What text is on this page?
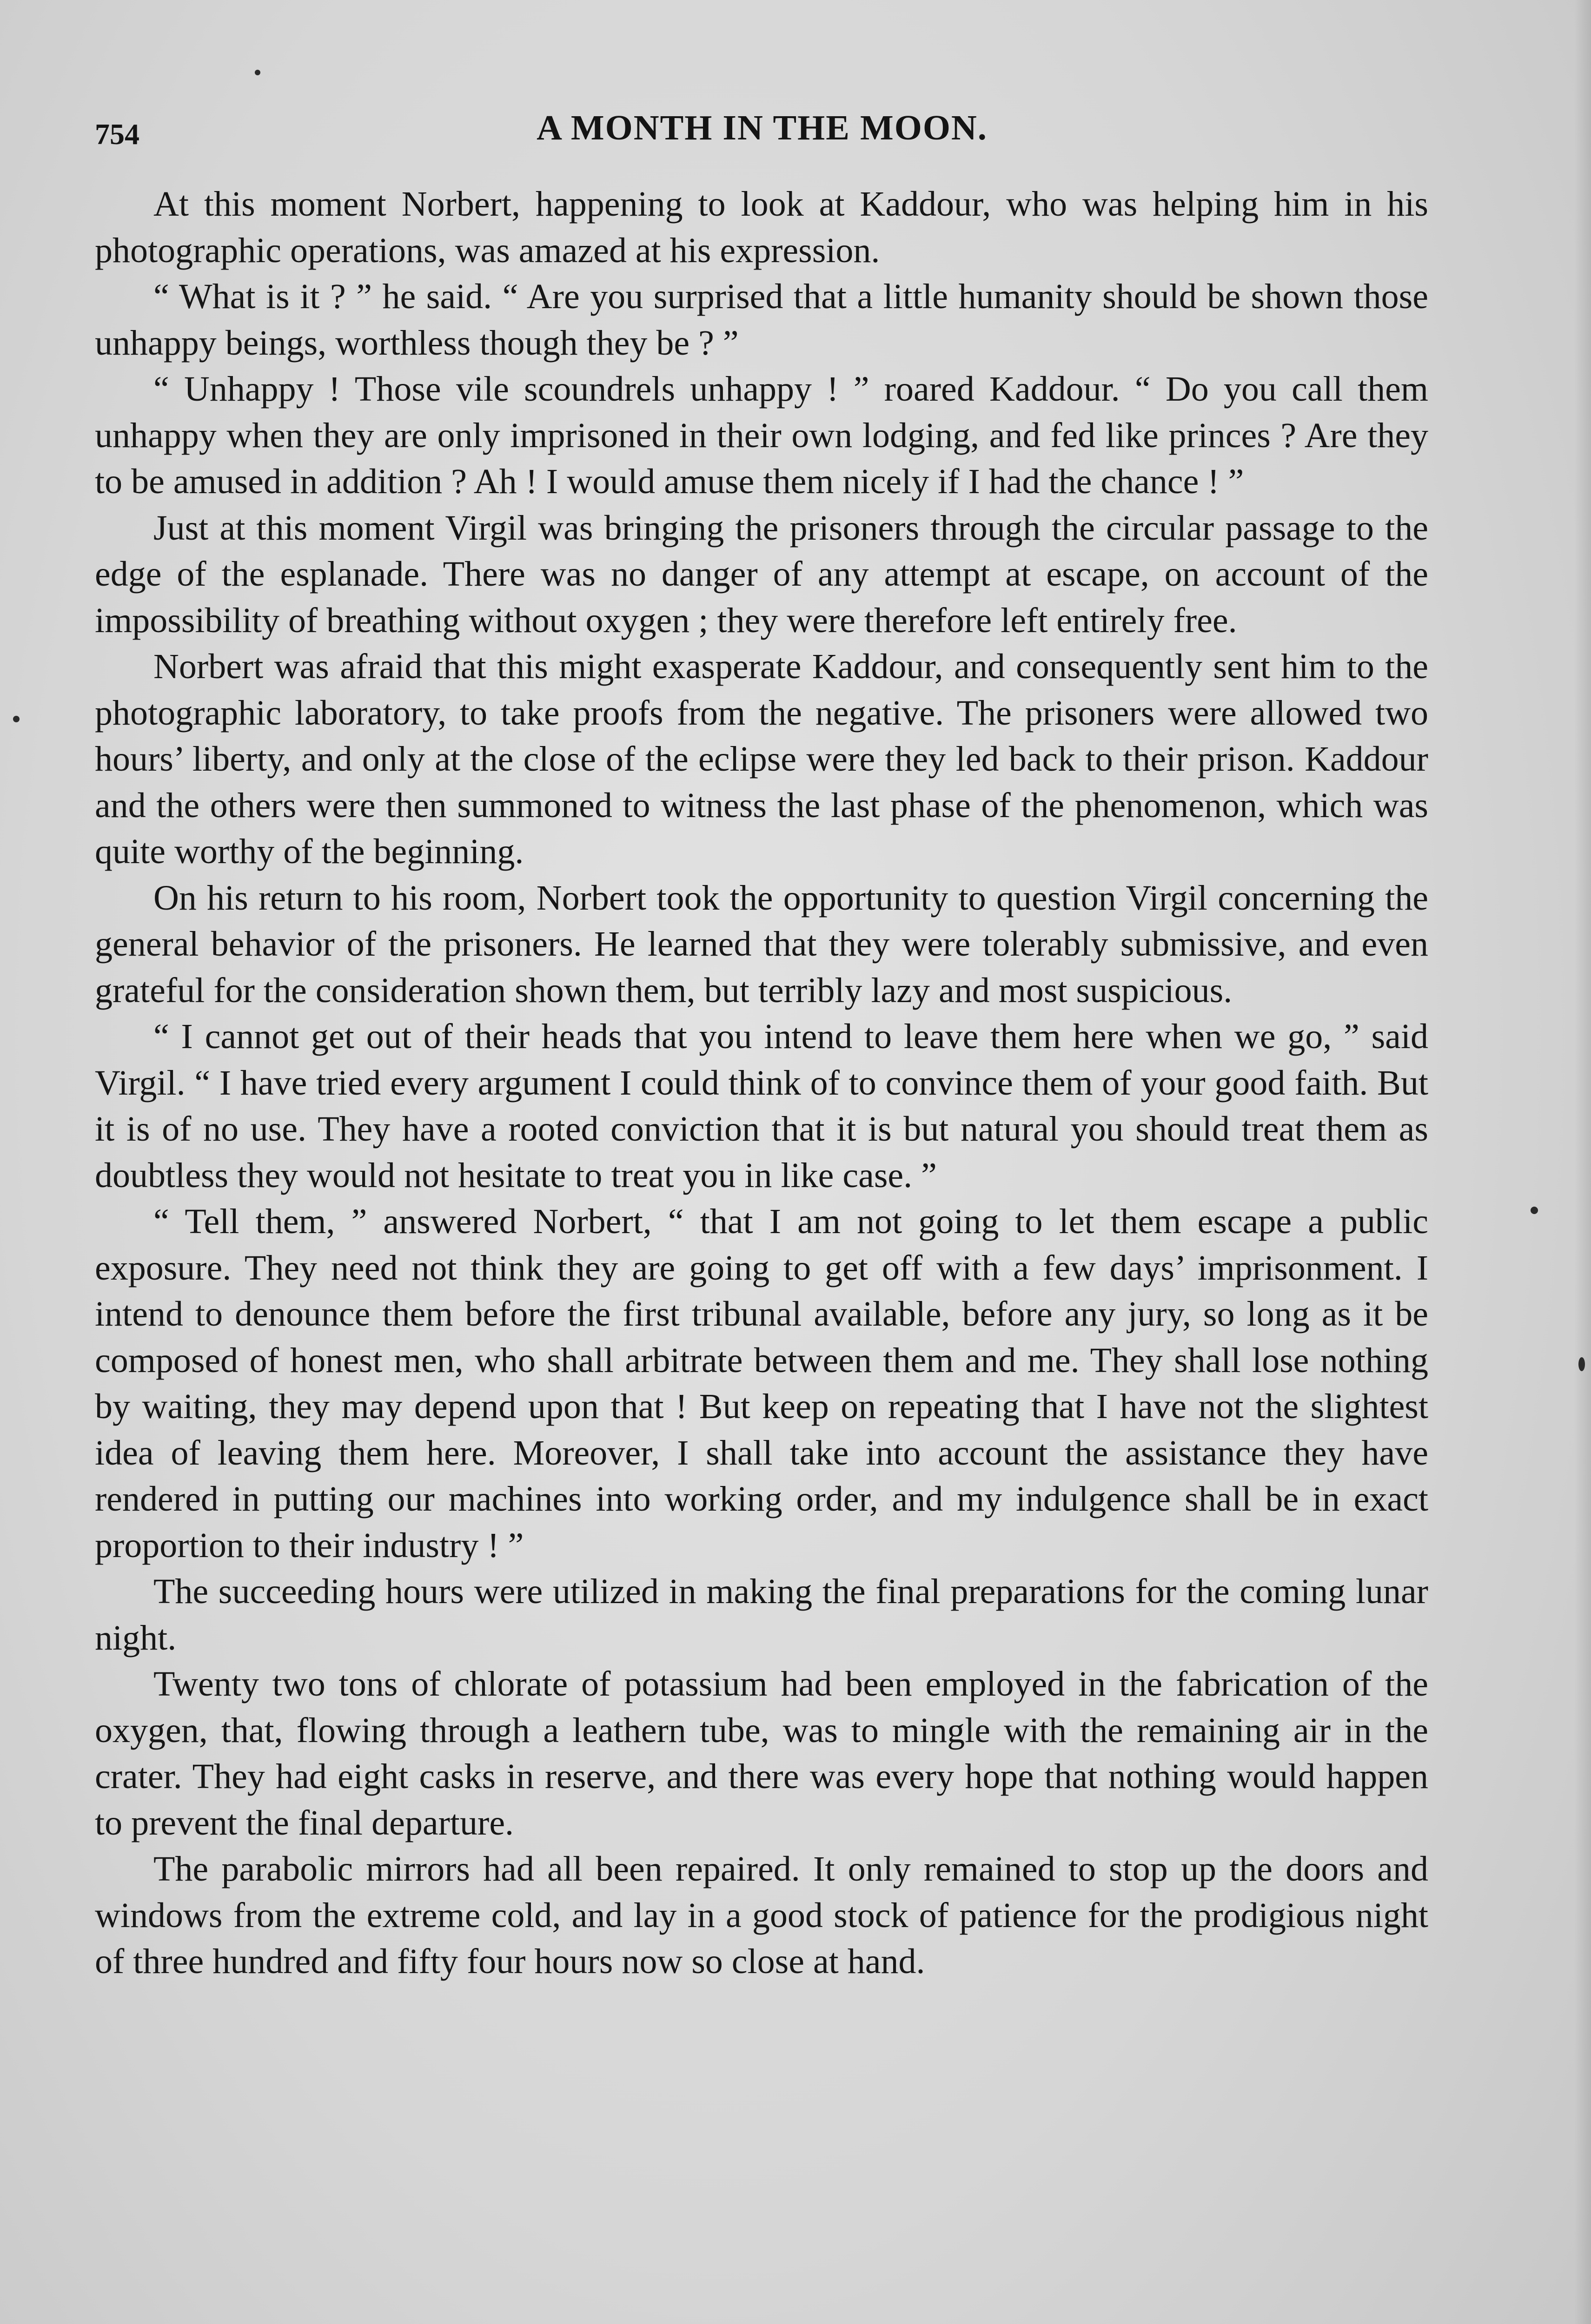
754	A MONTH IN THE MOON.

At this moment Norbert, happening to look at Kaddour, who was helping him in his photographic operations, was amazed at his expression.

“ What is it ? ” he said. “ Are you surprised that a little humanity should be shown those unhappy beings, worthless though they be ? ”

“ Unhappy ! Those vile scoundrels unhappy ! ” roared Kaddour. “ Do you call them unhappy when they are only imprisoned in their own lodging, and fed like princes ? Are they to be amused in addition ? Ah ! I would amuse them nicely if I had the chance ! ”

Just at this moment Virgil was bringing the prisoners through the circular passage to the edge of the esplanade. There was no danger of any attempt at escape, on account of the impossibility of breathing without oxygen ; they were therefore left entirely free.

Norbert was afraid that this might exasperate Kaddour, and consequently sent him to the photographic laboratory, to take proofs from the negative. The prisoners were allowed two hours’ liberty, and only at the close of the eclipse were they led back to their prison. Kaddour and the others were then summoned to witness the last phase of the phenomenon, which was quite worthy of the beginning.

On his return to his room, Norbert took the opportunity to question Virgil concerning the general behavior of the prisoners. He learned that they were tolerably submissive, and even grateful for the consideration shown them, but terribly lazy and most suspicious.

“ I cannot get out of their heads that you intend to leave them here when we go, ” said Virgil. “ I have tried every argument I could think of to convince them of your good faith. But it is of no use. They have a rooted conviction that it is but natural you should treat them as doubtless they would not hesitate to treat you in like case. ”

“ Tell them, ” answered Norbert, “ that I am not going to let them escape a public exposure. They need not think they are going to get off with a few days’ imprisonment. I intend to denounce them before the first tribunal available, before any jury, so long as it be composed of honest men, who shall arbitrate between them and me. They shall lose nothing by waiting, they may depend upon that ! But keep on repeating that I have not the slightest idea of leaving them here. Moreover, I shall take into account the assistance they have rendered in putting our machines into working order, and my indulgence shall be in exact proportion to their industry ! ”

The succeeding hours were utilized in making the final preparations for the coming lunar night.

Twenty two tons of chlorate of potassium had been employed in the fabrication of the oxygen, that, flowing through a leathern tube, was to mingle with the remaining air in the crater. They had eight casks in reserve, and there was every hope that nothing would happen to prevent the final departure.

The parabolic mirrors had all been repaired. It only remained to stop up the doors and windows from the extreme cold, and lay in a good stock of patience for the prodigious night of three hundred and fifty four hours now so close at hand.
